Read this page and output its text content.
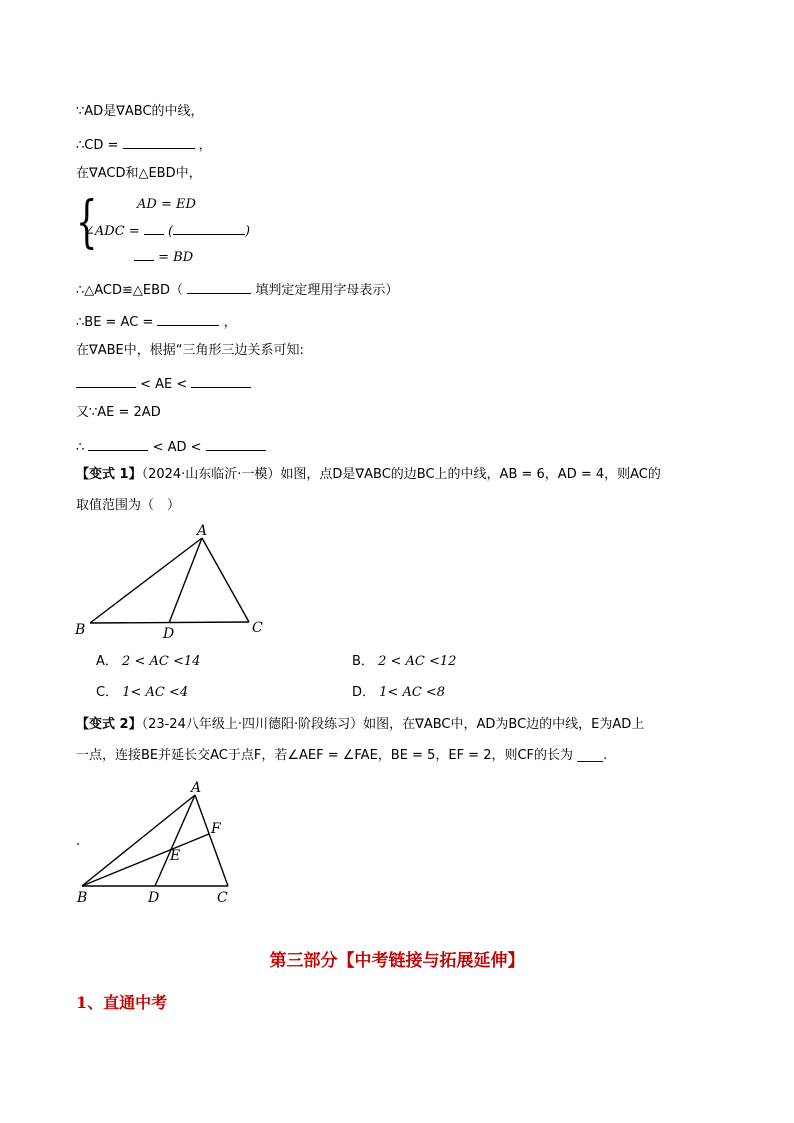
∵AD是∇ABC的中线，
∴CD =	，
在∇ACD和△EBD中，
{	AD = ED
∠ADC = (	)
= BD
∴△ACD≌△EBD（	填判定定理用字母表示）
∴BE = AC =	，
在∇ABE中，根据“三角形三边关系可知:
< AE <
又∵AE = 2AD
∴	< AD <
【变式 1】（2024·山东临沂·一模）如图，点D是∇ABC的边BC上的中线，AB = 6，AD = 4，则AC的
取值范围为（　）
A
B	C
D
A． 2 < AC <14	B． 2 < AC <12
C． 1< AC <4	D． 1< AC <8
【变式 2】（23-24八年级上·四川德阳·阶段练习）如图，在∇ABC中，AD为BC边的中线，E为AD上
一点，连接BE并延长交AC于点F，若∠AEF = ∠FAE，BE = 5，EF = 2，则CF的长为 ____.
.
A
B	C
D
E
F
第三部分【中考链接与拓展延伸】
1、直通中考
